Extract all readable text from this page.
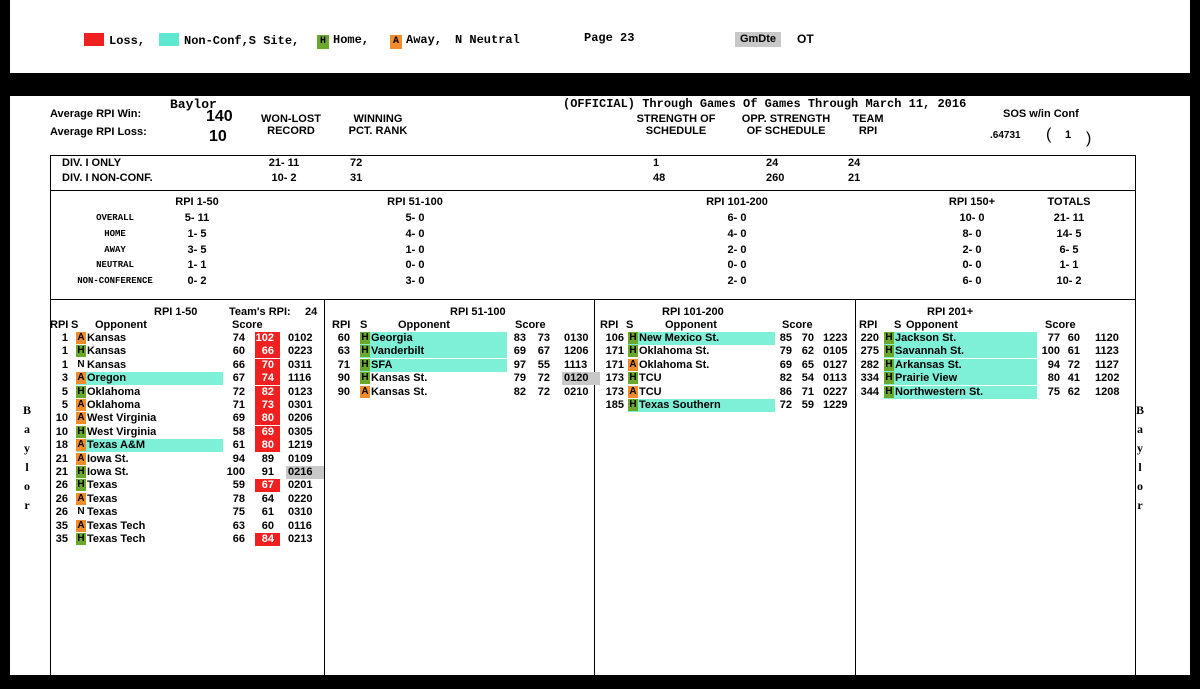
Loss,	Non-Conf,S Site, H Home, A Away, N Neutral	Page 23	GmDte	OT
Baylor	(OFFICIAL) Through Games Of Games Through March 11, 2016
Average RPI Win:	140
Average RPI Loss:	10
WON-LOST RECORD
WINNING PCT. RANK
STRENGTH OF SCHEDULE
OPP. STRENGTH OF SCHEDULE
TEAM RPI
SOS w/in Conf
.64731 ( 1 )
DIV. I ONLY	21- 11	72	1	24	24
DIV. I NON-CONF.	10- 2	31	48	260	21
RPI 1-50	RPI 51-100	RPI 101-200	RPI 150+	TOTALS
OVERALL	5- 11	5- 0	6- 0	10- 0	21- 11
HOME	1- 5	4- 0	4- 0	8- 0	14- 5
AWAY	3- 5	1- 0	2- 0	2- 0	6- 5
NEUTRAL	1- 1	0- 0	0- 0	0- 0	1- 1
NON-CONFERENCE	0- 2	3- 0	2- 0	6- 0	10- 2
RPI 1-50	Team's RPI: 24	RPI 51-100	RPI 101-200	RPI 201+
RPI S Opponent	Score	RPI S	Opponent	Score	RPI S	Opponent	Score	RPI S Opponent	Score
1 A Kansas	74 102 0102
1 H Kansas	60	66 0223
1 N Kansas	66	70 0311
3 A Oregon	67	74 1116
5 H Oklahoma	72	82 0123
5 A Oklahoma	71	73 0301
10 A West Virginia	69	80 0206
10 H West Virginia	58	69 0305
18 A Texas A&M	61	80 1219
21 A Iowa St.	94	89 0109
21 H Iowa St.	100	91 0216
26 H Texas	59	67 0201
26 A Texas	78	64 0220
26 N Texas	75	61 0310
35 A Texas Tech	63	60 0116
35 H Texas Tech	66	84 0213
60 H Georgia	83	73 0130
63 H Vanderbilt	69	67 1206
71 H SFA	97	55 1113
90 H Kansas St.	79	72 0120
90 A Kansas St.	82	72 0210
106 H New Mexico St.	85 70 1223
171 H Oklahoma St.	79 62 0105
171 A Oklahoma St.	69 65 0127
173 H TCU	82 54 0113
173 A TCU	86 71 0227
185 H Texas Southern	72 59 1229
220 H Jackson St.	77 60 1120
275 H Savannah St.	100 61 1123
282 H Arkansas St.	94 72 1127
334 H Prairie View	80 41 1202
344 H Northwestern St.	75 62 1208
B
a
y
l
o
r
B
a
y
l
o
r
